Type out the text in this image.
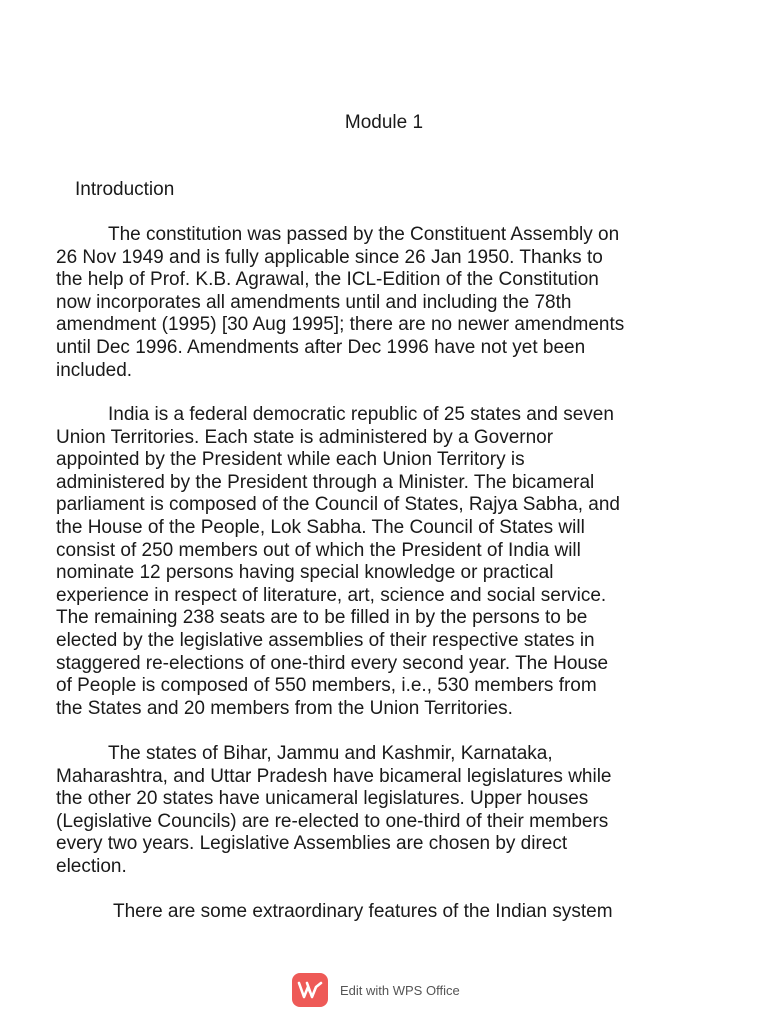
Module 1
Introduction

The constitution was passed by the Constituent Assembly on
26 Nov 1949 and is fully applicable since 26 Jan 1950. Thanks to
the help of Prof. K.B. Agrawal, the ICL-Edition of the Constitution
now incorporates all amendments until and including the 78th
amendment (1995) [30 Aug 1995]; there are no newer amendments
until Dec 1996. Amendments after Dec 1996 have not yet been
included.

India is a federal democratic republic of 25 states and seven
Union Territories. Each state is administered by a Governor
appointed by the President while each Union Territory is
administered by the President through a Minister. The bicameral
parliament is composed of the Council of States, Rajya Sabha, and
the House of the People, Lok Sabha. The Council of States will
consist of 250 members out of which the President of India will
nominate 12 persons having special knowledge or practical
experience in respect of literature, art, science and social service.
The remaining 238 seats are to be filled in by the persons to be
elected by the legislative assemblies of their respective states in
staggered re-elections of one-third every second year. The House
of People is composed of 550 members, i.e., 530 members from
the States and 20 members from the Union Territories.

The states of Bihar, Jammu and Kashmir, Karnataka,
Maharashtra, and Uttar Pradesh have bicameral legislatures while
the other 20 states have unicameral legislatures. Upper houses
(Legislative Councils) are re-elected to one-third of their members
every two years. Legislative Assemblies are chosen by direct
election.

There are some extraordinary features of the Indian system

Edit with WPS Office
